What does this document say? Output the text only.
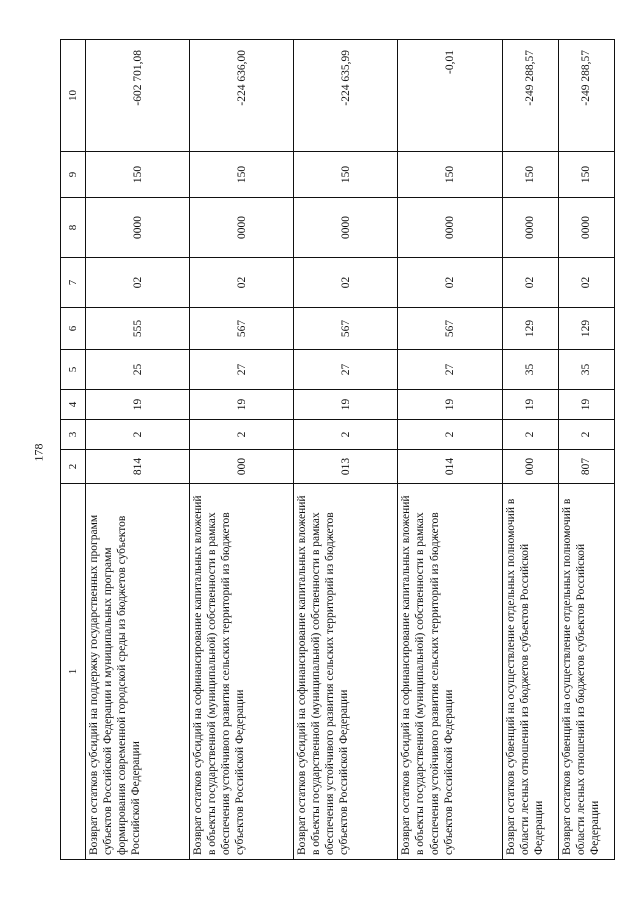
178
1	2	3	4	5	6	7	8	9	10
Возврат остатков субсидий на поддержку государственных программ субъектов Российской Федерации и муниципальных программ формирования современной городской среды из бюджетов субъектов Российской Федерации	814	2	19	25	555	02	0000	150	-602 701,08
Возврат остатков субсидий на софинансирование капитальных вложений в объекты государственной (муниципальной) собственности в рамках обеспечения устойчивого развития сельских территорий из бюджетов субъектов Российской Федерации	000	2	19	27	567	02	0000	150	-224 636,00
Возврат остатков субсидий на софинансирование капитальных вложений в объекты государственной (муниципальной) собственности в рамках обеспечения устойчивого развития сельских территорий из бюджетов субъектов Российской Федерации	013	2	19	27	567	02	0000	150	-224 635,99
Возврат остатков субсидий на софинансирование капитальных вложений в объекты государственной (муниципальной) собственности в рамках обеспечения устойчивого развития сельских территорий из бюджетов субъектов Российской Федерации	014	2	19	27	567	02	0000	150	-0,01
Возврат остатков субвенций на осуществление отдельных полномочий в области лесных отношений из бюджетов субъектов Российской Федерации	000	2	19	35	129	02	0000	150	-249 288,57
Возврат остатков субвенций на осуществление отдельных полномочий в области лесных отношений из бюджетов субъектов Российской Федерации	807	2	19	35	129	02	0000	150	-249 288,57
